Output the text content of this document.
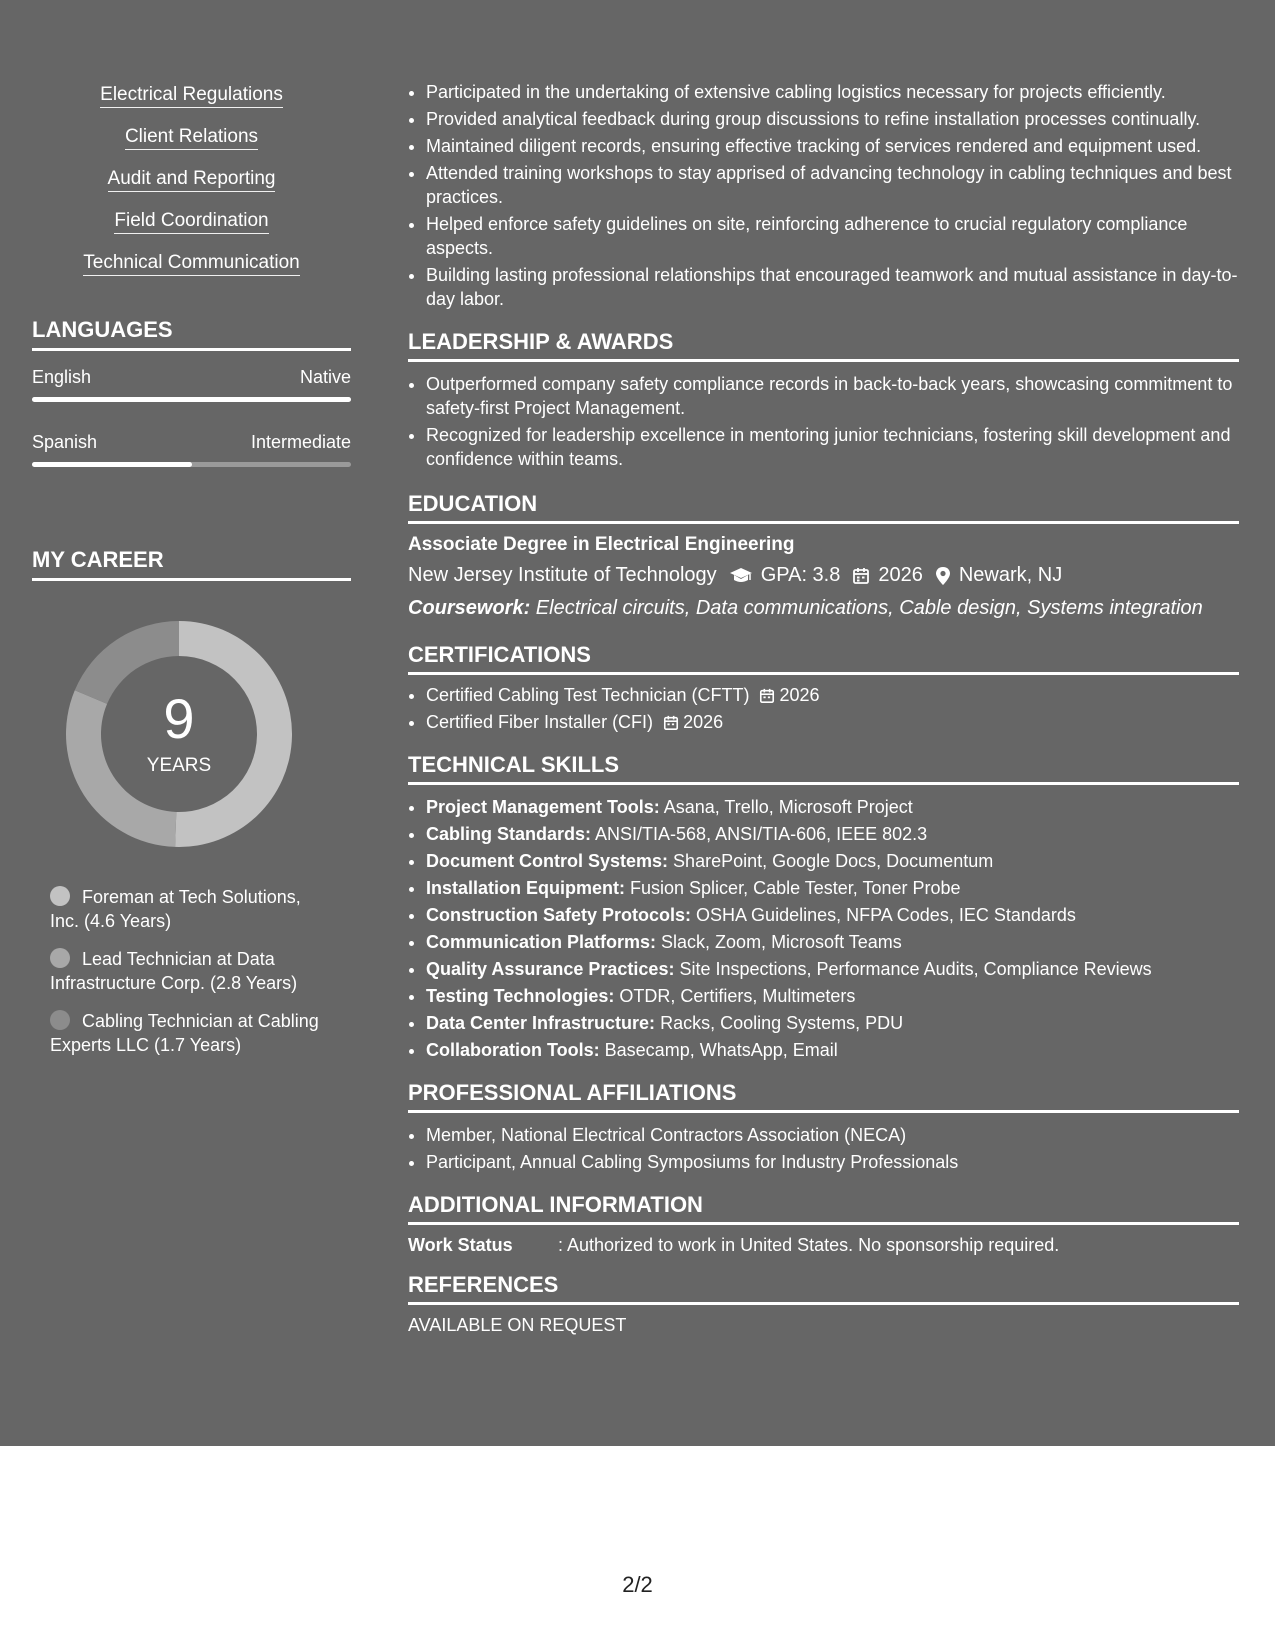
Electrical Regulations
Client Relations
Audit and Reporting
Field Coordination
Technical Communication
LANGUAGES
English	Native
Spanish	Intermediate
MY CAREER
9
YEARS
Foreman at Tech Solutions, Inc. (4.6 Years)
Lead Technician at Data Infrastructure Corp. (2.8 Years)
Cabling Technician at Cabling Experts LLC (1.7 Years)
• Participated in the undertaking of extensive cabling logistics necessary for projects efficiently.
• Provided analytical feedback during group discussions to refine installation processes continually.
• Maintained diligent records, ensuring effective tracking of services rendered and equipment used.
• Attended training workshops to stay apprised of advancing technology in cabling techniques and best practices.
• Helped enforce safety guidelines on site, reinforcing adherence to crucial regulatory compliance aspects.
• Building lasting professional relationships that encouraged teamwork and mutual assistance in day-to-day labor.
LEADERSHIP & AWARDS
• Outperformed company safety compliance records in back-to-back years, showcasing commitment to safety-first Project Management.
• Recognized for leadership excellence in mentoring junior technicians, fostering skill development and confidence within teams.
EDUCATION
Associate Degree in Electrical Engineering
New Jersey Institute of Technology GPA: 3.8 2026 Newark, NJ
Coursework: Electrical circuits, Data communications, Cable design, Systems integration
CERTIFICATIONS
• Certified Cabling Test Technician (CFTT) 2026
• Certified Fiber Installer (CFI) 2026
TECHNICAL SKILLS
• Project Management Tools: Asana, Trello, Microsoft Project
• Cabling Standards: ANSI/TIA-568, ANSI/TIA-606, IEEE 802.3
• Document Control Systems: SharePoint, Google Docs, Documentum
• Installation Equipment: Fusion Splicer, Cable Tester, Toner Probe
• Construction Safety Protocols: OSHA Guidelines, NFPA Codes, IEC Standards
• Communication Platforms: Slack, Zoom, Microsoft Teams
• Quality Assurance Practices: Site Inspections, Performance Audits, Compliance Reviews
• Testing Technologies: OTDR, Certifiers, Multimeters
• Data Center Infrastructure: Racks, Cooling Systems, PDU
• Collaboration Tools: Basecamp, WhatsApp, Email
PROFESSIONAL AFFILIATIONS
• Member, National Electrical Contractors Association (NECA)
• Participant, Annual Cabling Symposiums for Industry Professionals
ADDITIONAL INFORMATION
Work Status	: Authorized to work in United States. No sponsorship required.
REFERENCES
AVAILABLE ON REQUEST
2/2
